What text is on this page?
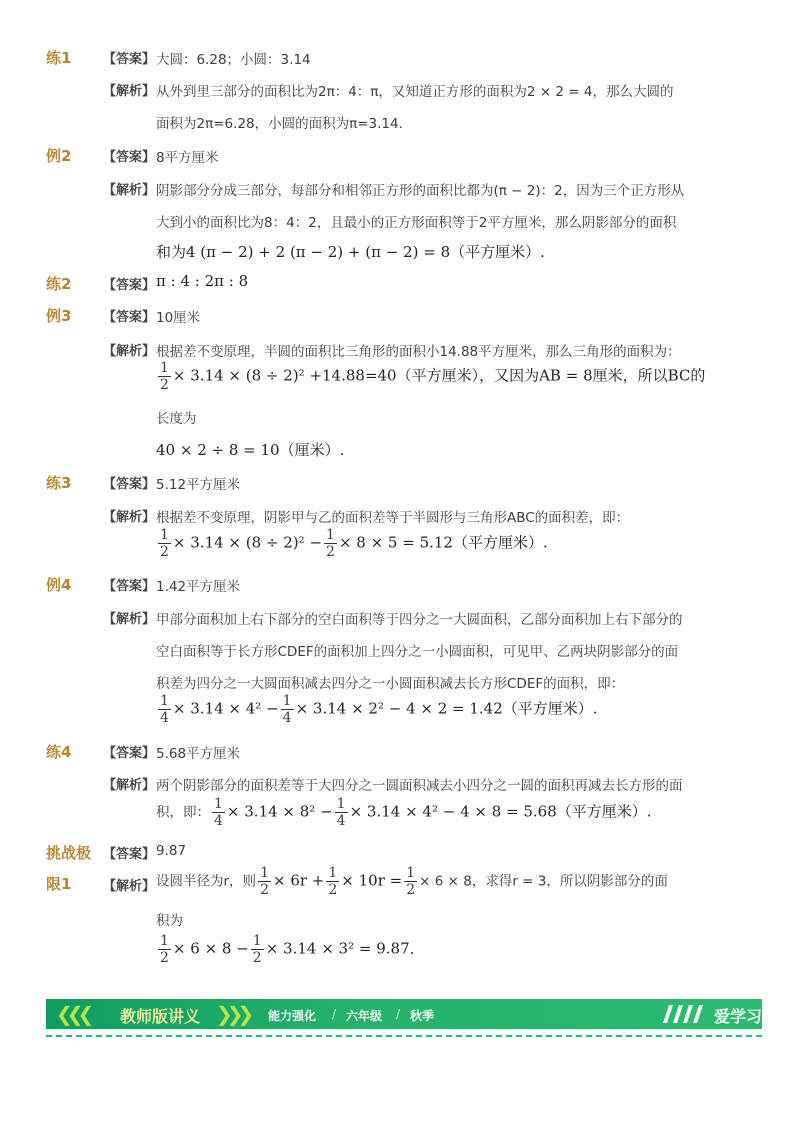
练1 【答案】 大圆：6.28；小圆：3.14
【解析】 从外到里三部分的面积比为2π：4：π，又知道正方形的面积为2 × 2 = 4，那么大圆的
面积为2π=6.28，小圆的面积为π=3.14．
例2 【答案】 8平方厘米
【解析】 阴影部分分成三部分，每部分和相邻正方形的面积比都为(π − 2)：2，因为三个正方形从
大到小的面积比为8：4：2，且最小的正方形面积等于2平方厘米，那么阴影部分的面积
和为4 (π − 2) + 2 (π − 2) + (π − 2) = 8（平方厘米）.
练2 【答案】 π : 4 : 2π : 8
例3 【答案】 10厘米
【解析】 根据差不变原理，半圆的面积比三角形的面积小14.88平方厘米，那么三角形的面积为：
$\frac{1}{2} \times 3.14 \times (8 \div 2)^2 +14.88=40$（平方厘米），又因为AB = 8厘米，所以BC的
长度为
40 × 2 ÷ 8 = 10（厘米）.
练3 【答案】 5.12平方厘米
【解析】 根据差不变原理，阴影甲与乙的面积差等于半圆形与三角形ABC的面积差，即：
$\frac{1}{2} \times 3.14 \times (8 \div 2)^2 - \frac{1}{2} \times 8 \times 5 = 5.12$（平方厘米）.
例4 【答案】 1.42平方厘米
【解析】 甲部分面积加上右下部分的空白面积等于四分之一大圆面积，乙部分面积加上右下部分的
空白面积等于长方形CDEF的面积加上四分之一小圆面积，可见甲、乙两块阴影部分的面
积差为四分之一大圆面积减去四分之一小圆面积减去长方形CDEF的面积，即：
$\frac{1}{4} \times 3.14 \times 4^2 - \frac{1}{4} \times 3.14 \times 2^2 - 4 \times 2 = 1.42$（平方厘米）.
练4 【答案】 5.68平方厘米
【解析】 两个阴影部分的面积差等于大四分之一圆面积减去小四分之一圆的面积再减去长方形的面
积，即： $\frac{1}{4} \times 3.14 \times 8^2 - \frac{1}{4} \times 3.14 \times 4^2 - 4 \times 8 = 5.68$（平方厘米）.
挑战极
限1
【答案】 9.87
【解析】 设圆半径为r，则 $\frac{1}{2} \times 6r + \frac{1}{2} \times 10r = \frac{1}{2} \times 6 \times 8$，求得r = 3，所以阴影部分的面
积为
$\frac{1}{2} \times 6 \times 8 - \frac{1}{2} \times 3.14 \times 3^2 = 9.87$．
❮❮❮ 教师版讲义 ❯❯❯ 能力强化 / 六年级 / 秋季	爱学习
